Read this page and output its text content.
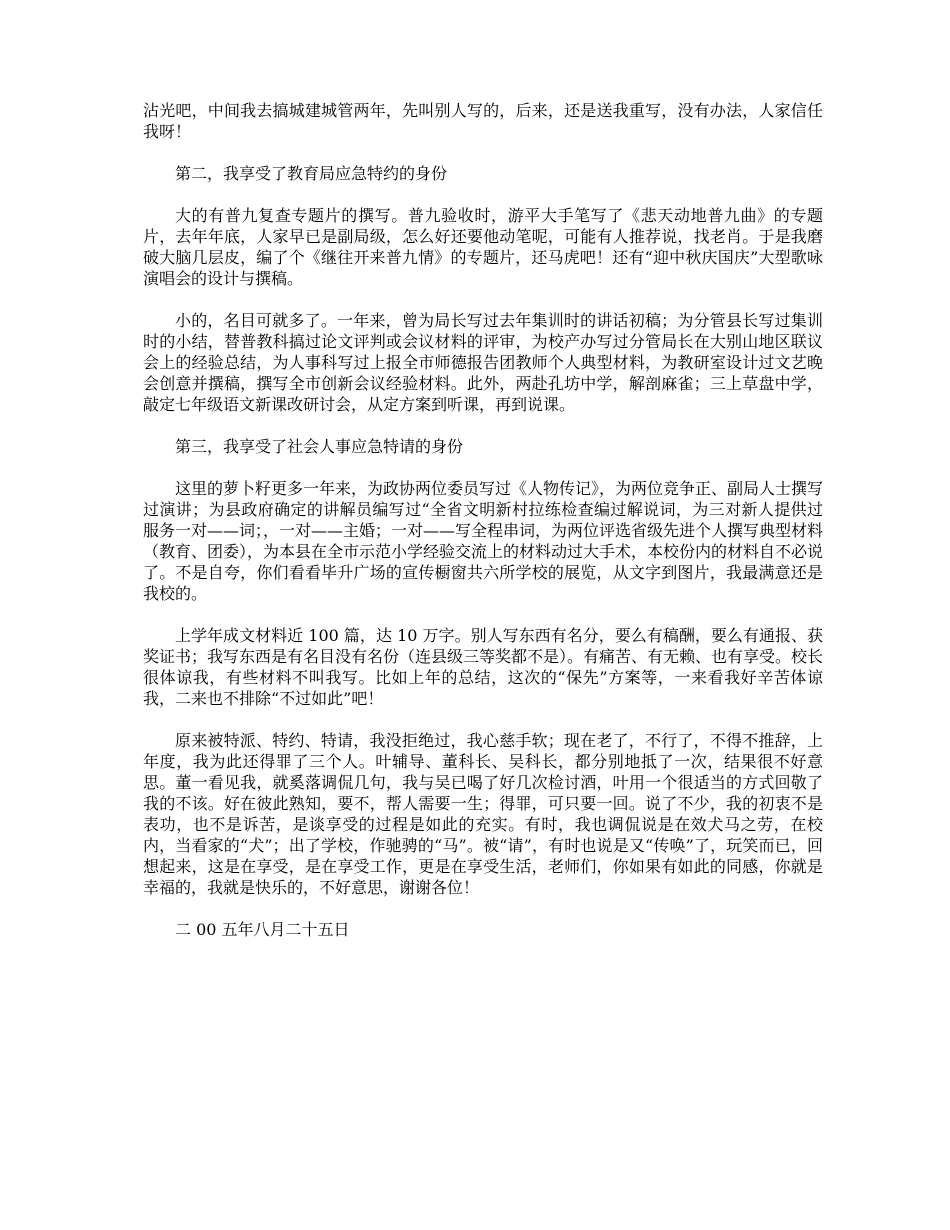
沾光吧，中间我去搞城建城管两年，先叫别人写的，后来，还是送我重写，没有办法，人家信任我呀！

第二，我享受了教育局应急特约的身份

大的有普九复查专题片的撰写。普九验收时，游平大手笔写了《悲天动地普九曲》的专题片，去年年底，人家早已是副局级，怎么好还要他动笔呢，可能有人推荐说，找老肖。于是我磨破大脑几层皮，编了个《继往开来普九情》的专题片，还马虎吧！还有“迎中秋庆国庆”大型歌咏演唱会的设计与撰稿。

小的，名目可就多了。一年来，曾为局长写过去年集训时的讲话初稿；为分管县长写过集训时的小结，替普教科搞过论文评判或会议材料的评审，为校产办写过分管局长在大别山地区联议会上的经验总结，为人事科写过上报全市师德报告团教师个人典型材料，为教研室设计过文艺晚会创意并撰稿，撰写全市创新会议经验材料。此外，两赴孔坊中学，解剖麻雀；三上草盘中学，敲定七年级语文新课改研讨会，从定方案到听课，再到说课。

第三，我享受了社会人事应急特请的身份

这里的萝卜籽更多一年来，为政协两位委员写过《人物传记》，为两位竞争正、副局人士撰写过演讲；为县政府确定的讲解员编写过“全省文明新村拉练检查编过解说词，为三对新人提供过服务一对——词；，一对——主婚；一对——写全程串词，为两位评选省级先进个人撰写典型材料（教育、团委），为本县在全市示范小学经验交流上的材料动过大手术，本校份内的材料自不必说了。不是自夸，你们看看毕升广场的宣传橱窗共六所学校的展览，从文字到图片，我最满意还是我校的。

上学年成文材料近 100 篇，达 10 万字。别人写东西有名分，要么有稿酬，要么有通报、获奖证书；我写东西是有名目没有名份（连县级三等奖都不是）。有痛苦、有无赖、也有享受。校长很体谅我，有些材料不叫我写。比如上年的总结，这次的“保先”方案等，一来看我好辛苦体谅我，二来也不排除“不过如此”吧！

原来被特派、特约、特请，我没拒绝过，我心慈手软；现在老了，不行了，不得不推辞，上年度，我为此还得罪了三个人。叶辅导、董科长、吴科长，都分别地抵了一次，结果很不好意思。董一看见我，就奚落调侃几句，我与吴已喝了好几次检讨酒，叶用一个很适当的方式回敬了我的不该。好在彼此熟知，要不，帮人需要一生；得罪，可只要一回。说了不少，我的初衷不是表功，也不是诉苦，是谈享受的过程是如此的充实。有时，我也调侃说是在效犬马之劳，在校内，当看家的“犬”；出了学校，作驰骋的“马”。被“请”，有时也说是又“传唤”了，玩笑而已，回想起来，这是在享受，是在享受工作，更是在享受生活，老师们，你如果有如此的同感，你就是幸福的，我就是快乐的，不好意思，谢谢各位！

二 00 五年八月二十五日
